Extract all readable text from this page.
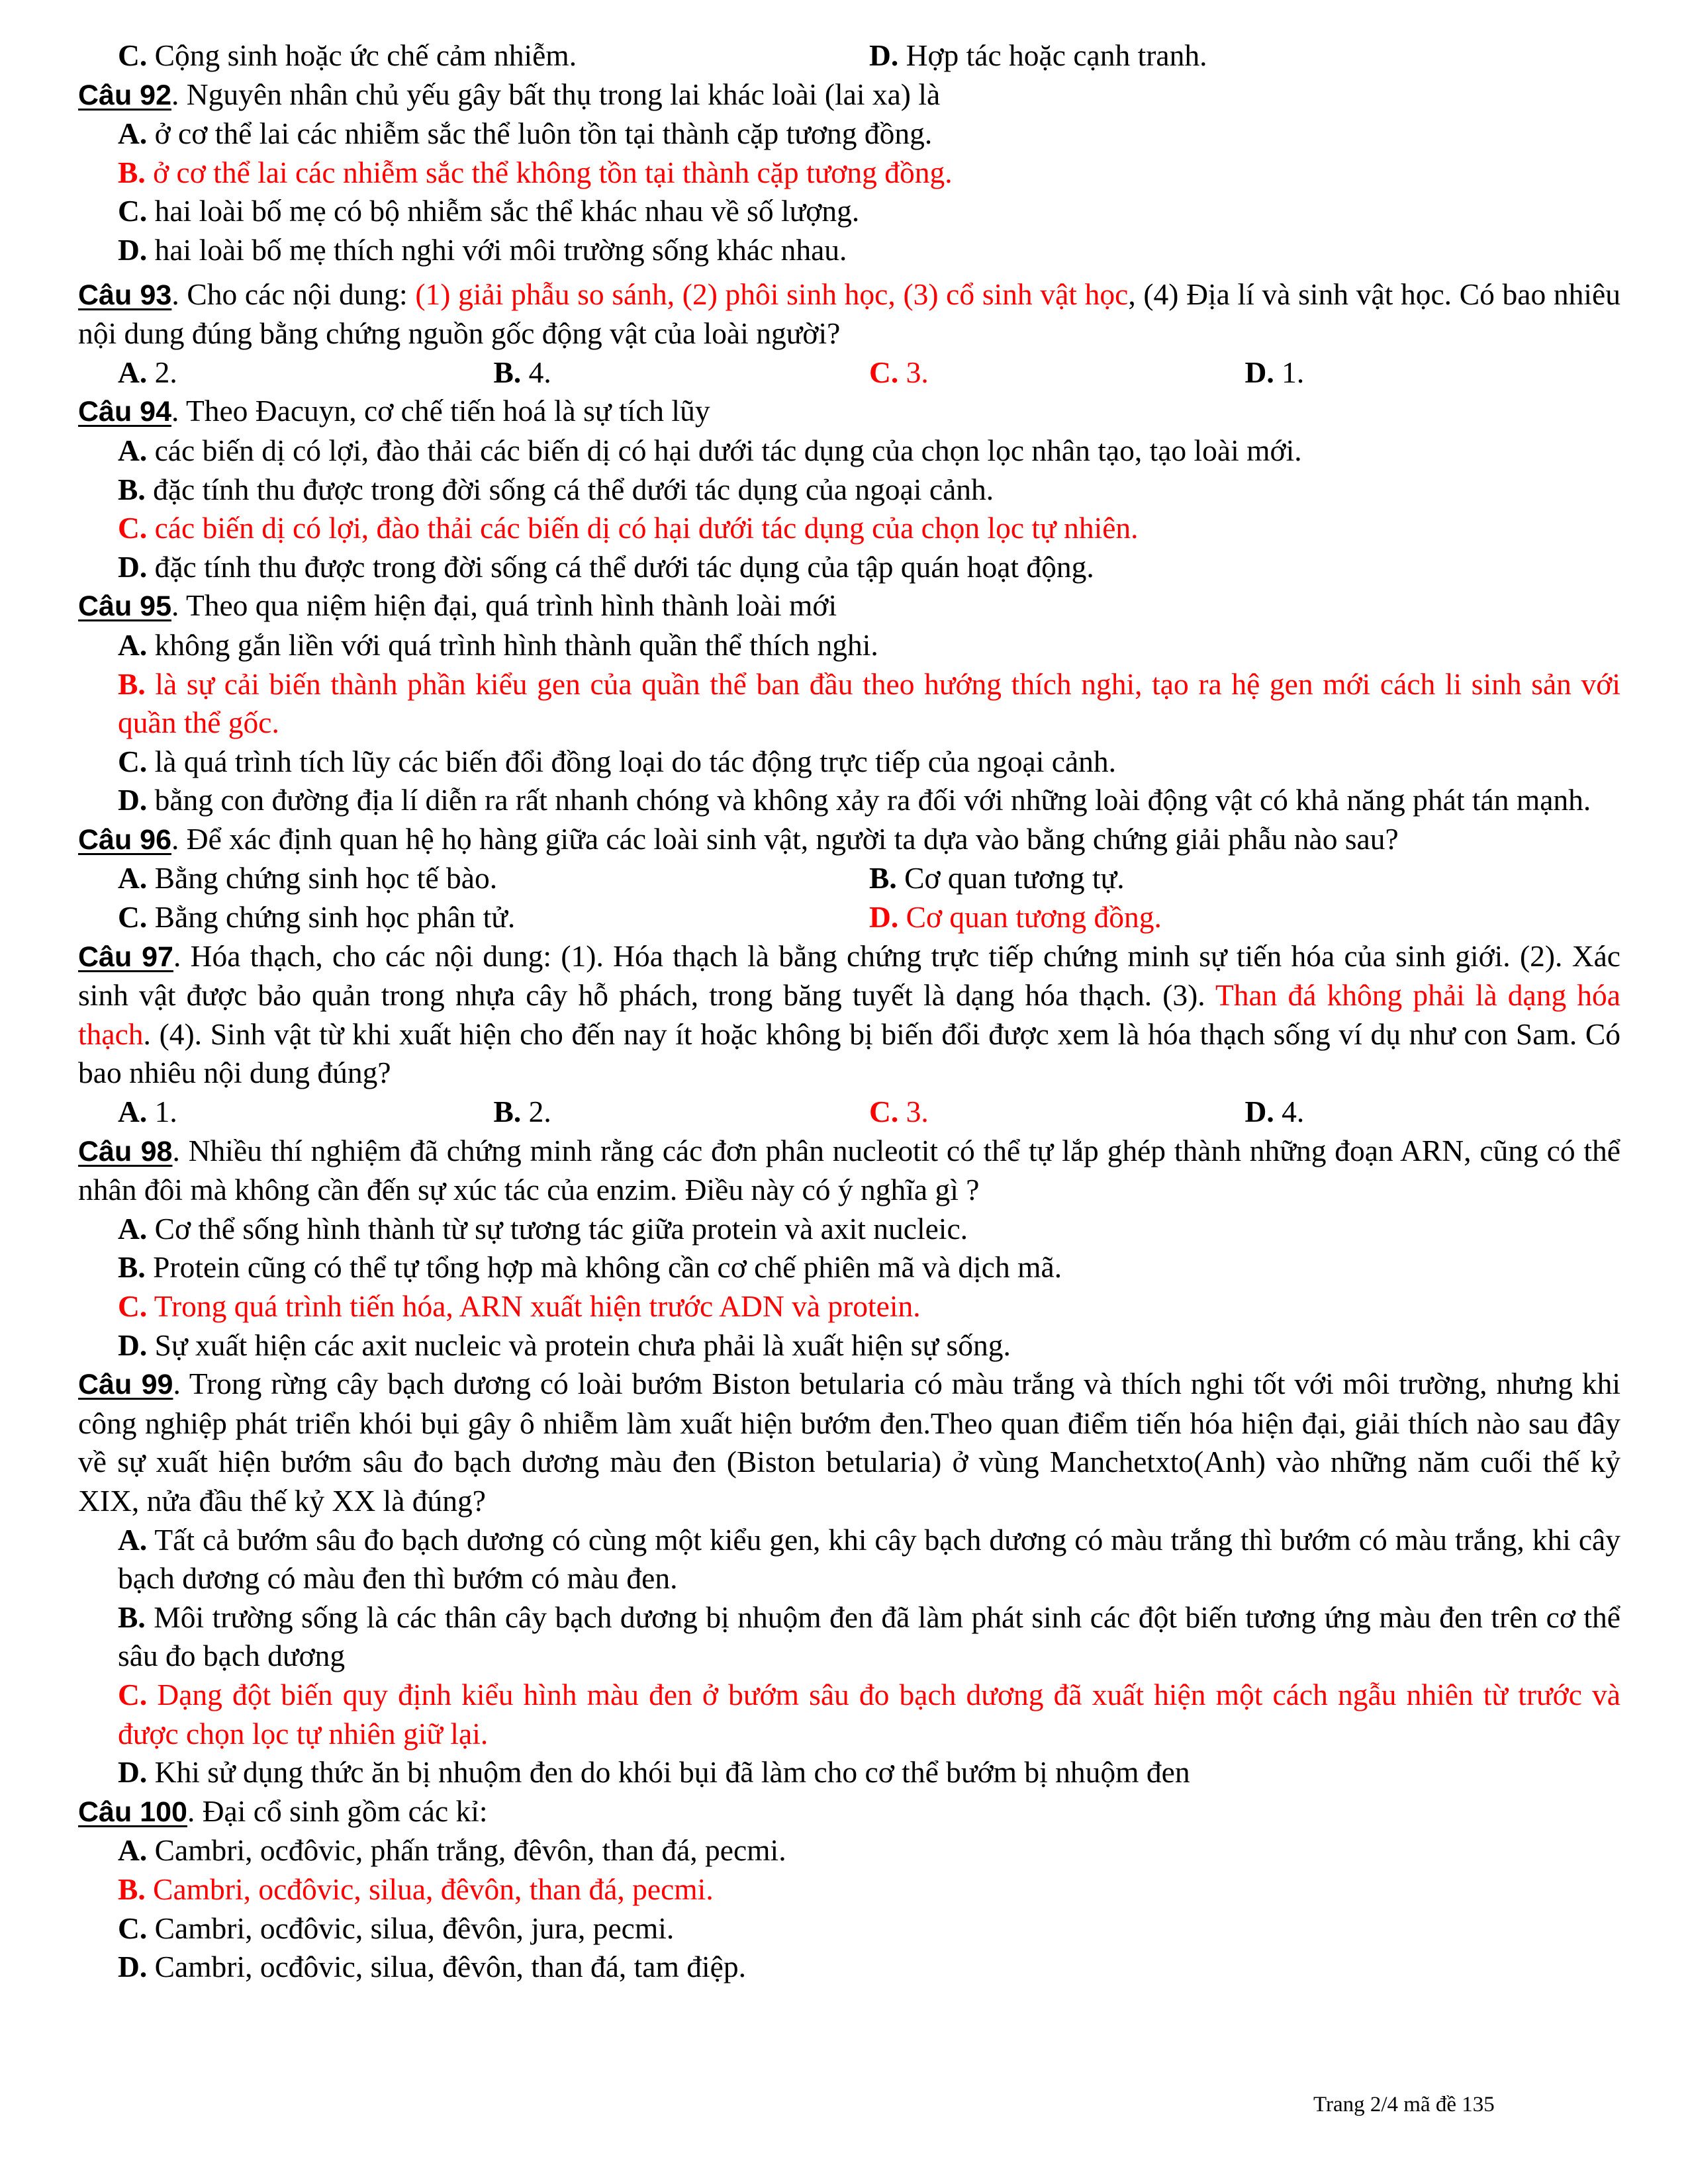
C. Cộng sinh hoặc ức chế cảm nhiễm.	D. Hợp tác hoặc cạnh tranh.
Câu 92. Nguyên nhân chủ yếu gây bất thụ trong lai khác loài (lai xa) là
A. ở cơ thể lai các nhiễm sắc thể luôn tồn tại thành cặp tương đồng.
B. ở cơ thể lai các nhiễm sắc thể không tồn tại thành cặp tương đồng.
C. hai loài bố mẹ có bộ nhiễm sắc thể khác nhau về số lượng.
D. hai loài bố mẹ thích nghi với môi trường sống khác nhau.
Câu 93. Cho các nội dung: (1) giải phẫu so sánh, (2) phôi sinh học, (3) cổ sinh vật học, (4) Địa lí và sinh vật học. Có bao nhiêu nội dung đúng bằng chứng nguồn gốc động vật của loài người?
A. 2.	B. 4.	C. 3.	D. 1.
Câu 94. Theo Đacuyn, cơ chế tiến hoá là sự tích lũy
A. các biến dị có lợi, đào thải các biến dị có hại dưới tác dụng của chọn lọc nhân tạo, tạo loài mới.
B. đặc tính thu được trong đời sống cá thể dưới tác dụng của ngoại cảnh.
C. các biến dị có lợi, đào thải các biến dị có hại dưới tác dụng của chọn lọc tự nhiên.
D. đặc tính thu được trong đời sống cá thể dưới tác dụng của tập quán hoạt động.
Câu 95. Theo qua niệm hiện đại, quá trình hình thành loài mới
A. không gắn liền với quá trình hình thành quần thể thích nghi.
B. là sự cải biến thành phần kiểu gen của quần thể ban đầu theo hướng thích nghi, tạo ra hệ gen mới cách li sinh sản với quần thể gốc.
C. là quá trình tích lũy các biến đổi đồng loại do tác động trực tiếp của ngoại cảnh.
D. bằng con đường địa lí diễn ra rất nhanh chóng và không xảy ra đối với những loài động vật có khả năng phát tán mạnh.
Câu 96. Để xác định quan hệ họ hàng giữa các loài sinh vật, người ta dựa vào bằng chứng giải phẫu nào sau?
A. Bằng chứng sinh học tế bào.	B. Cơ quan tương tự.
C. Bằng chứng sinh học phân tử.	D. Cơ quan tương đồng.
Câu 97. Hóa thạch, cho các nội dung: (1). Hóa thạch là bằng chứng trực tiếp chứng minh sự tiến hóa của sinh giới. (2). Xác sinh vật được bảo quản trong nhựa cây hỗ phách, trong băng tuyết là dạng hóa thạch. (3). Than đá không phải là dạng hóa thạch. (4). Sinh vật từ khi xuất hiện cho đến nay ít hoặc không bị biến đổi được xem là hóa thạch sống ví dụ như con Sam. Có bao nhiêu nội dung đúng?
A. 1.	B. 2.	C. 3.	D. 4.
Câu 98. Nhiều thí nghiệm đã chứng minh rằng các đơn phân nucleotit có thể tự lắp ghép thành những đoạn ARN, cũng có thể nhân đôi mà không cần đến sự xúc tác của enzim. Điều này có ý nghĩa gì ?
A. Cơ thể sống hình thành từ sự tương tác giữa protein và axit nucleic.
B. Protein cũng có thể tự tổng hợp mà không cần cơ chế phiên mã và dịch mã.
C. Trong quá trình tiến hóa, ARN xuất hiện trước ADN và protein.
D. Sự xuất hiện các axit nucleic và protein chưa phải là xuất hiện sự sống.
Câu 99. Trong rừng cây bạch dương có loài bướm Biston betularia có màu trắng và thích nghi tốt với môi trường, nhưng khi công nghiệp phát triển khói bụi gây ô nhiễm làm xuất hiện bướm đen.Theo quan điểm tiến hóa hiện đại, giải thích nào sau đây về sự xuất hiện bướm sâu đo bạch dương màu đen (Biston betularia) ở vùng Manchetxto(Anh) vào những năm cuối thế kỷ XIX, nửa đầu thế kỷ XX là đúng?
A. Tất cả bướm sâu đo bạch dương có cùng một kiểu gen, khi cây bạch dương có màu trắng thì bướm có màu trắng, khi cây bạch dương có màu đen thì bướm có màu đen.
B. Môi trường sống là các thân cây bạch dương bị nhuộm đen đã làm phát sinh các đột biến tương ứng màu đen trên cơ thể sâu đo bạch dương
C. Dạng đột biến quy định kiểu hình màu đen ở bướm sâu đo bạch dương đã xuất hiện một cách ngẫu nhiên từ trước và được chọn lọc tự nhiên giữ lại.
D. Khi sử dụng thức ăn bị nhuộm đen do khói bụi đã làm cho cơ thể bướm bị nhuộm đen
Câu 100. Đại cổ sinh gồm các kỉ:
A. Cambri, ocđôvic, phấn trắng, đêvôn, than đá, pecmi.
B. Cambri, ocđôvic, silua, đêvôn, than đá, pecmi.
C. Cambri, ocđôvic, silua, đêvôn, jura, pecmi.
D. Cambri, ocđôvic, silua, đêvôn, than đá, tam điệp.
Trang 2/4 mã đề 135
